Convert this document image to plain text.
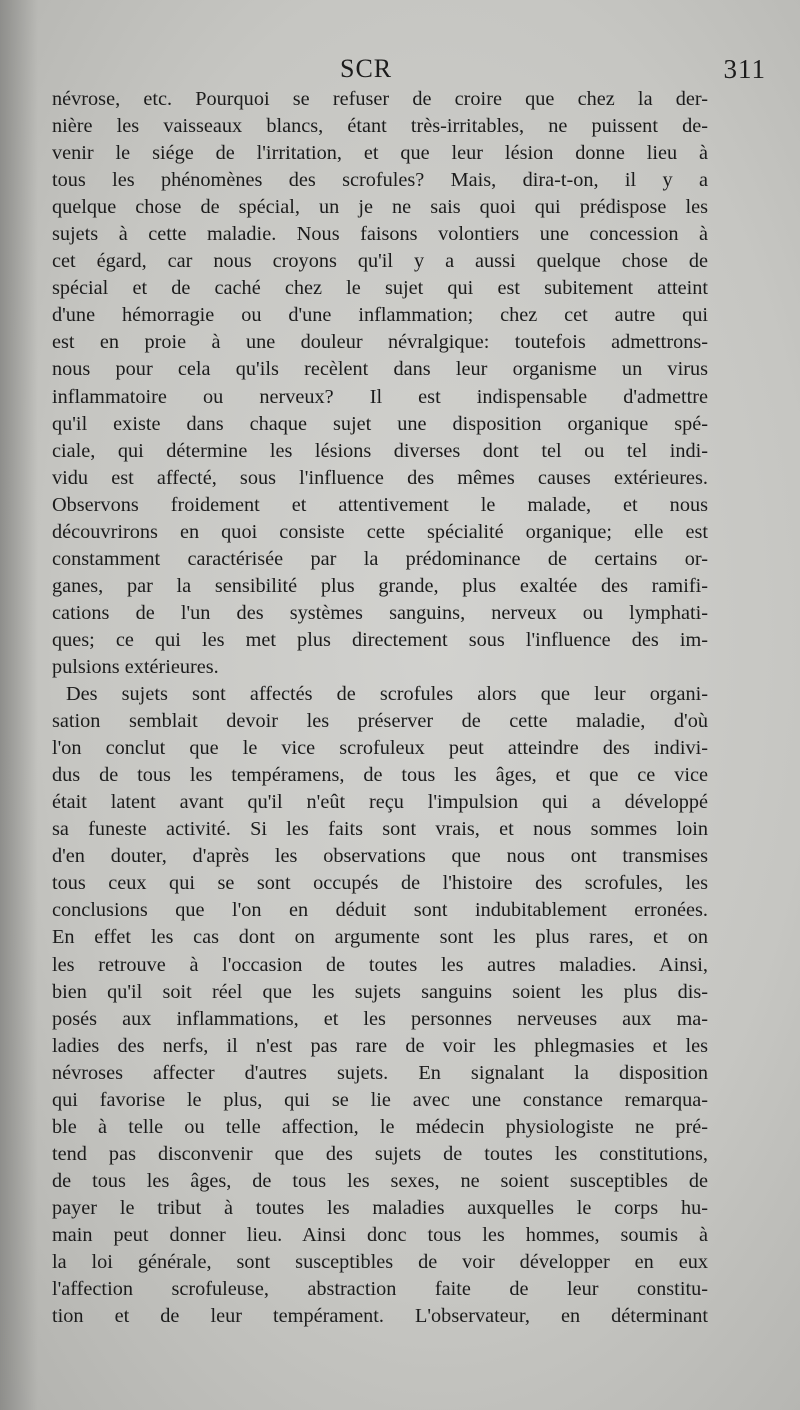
SCR	311
névrose, etc. Pourquoi se refuser de croire que chez la der-
nière les vaisseaux blancs, étant très-irritables, ne puissent de-
venir le siége de l'irritation, et que leur lésion donne lieu à
tous les phénomènes des scrofules? Mais, dira-t-on, il y a
quelque chose de spécial, un je ne sais quoi qui prédispose les
sujets à cette maladie. Nous faisons volontiers une concession à
cet égard, car nous croyons qu'il y a aussi quelque chose de
spécial et de caché chez le sujet qui est subitement atteint
d'une hémorragie ou d'une inflammation; chez cet autre qui
est en proie à une douleur névralgique: toutefois admettrons-
nous pour cela qu'ils recèlent dans leur organisme un virus
inflammatoire ou nerveux? Il est indispensable d'admettre
qu'il existe dans chaque sujet une disposition organique spé-
ciale, qui détermine les lésions diverses dont tel ou tel indi-
vidu est affecté, sous l'influence des mêmes causes extérieures.
Observons froidement et attentivement le malade, et nous
découvrirons en quoi consiste cette spécialité organique; elle est
constamment caractérisée par la prédominance de certains or-
ganes, par la sensibilité plus grande, plus exaltée des ramifi-
cations de l'un des systèmes sanguins, nerveux ou lymphati-
ques; ce qui les met plus directement sous l'influence des im-
pulsions extérieures.
Des sujets sont affectés de scrofules alors que leur organi-
sation semblait devoir les préserver de cette maladie, d'où
l'on conclut que le vice scrofuleux peut atteindre des indivi-
dus de tous les tempéramens, de tous les âges, et que ce vice
était latent avant qu'il n'eût reçu l'impulsion qui a développé
sa funeste activité. Si les faits sont vrais, et nous sommes loin
d'en douter, d'après les observations que nous ont transmises
tous ceux qui se sont occupés de l'histoire des scrofules, les
conclusions que l'on en déduit sont indubitablement erronées.
En effet les cas dont on argumente sont les plus rares, et on
les retrouve à l'occasion de toutes les autres maladies. Ainsi,
bien qu'il soit réel que les sujets sanguins soient les plus dis-
posés aux inflammations, et les personnes nerveuses aux ma-
ladies des nerfs, il n'est pas rare de voir les phlegmasies et les
névroses affecter d'autres sujets. En signalant la disposition
qui favorise le plus, qui se lie avec une constance remarqua-
ble à telle ou telle affection, le médecin physiologiste ne pré-
tend pas disconvenir que des sujets de toutes les constitutions,
de tous les âges, de tous les sexes, ne soient susceptibles de
payer le tribut à toutes les maladies auxquelles le corps hu-
main peut donner lieu. Ainsi donc tous les hommes, soumis à
la loi générale, sont susceptibles de voir développer en eux
l'affection scrofuleuse, abstraction faite de leur constitu-
tion et de leur tempérament. L'observateur, en déterminant
